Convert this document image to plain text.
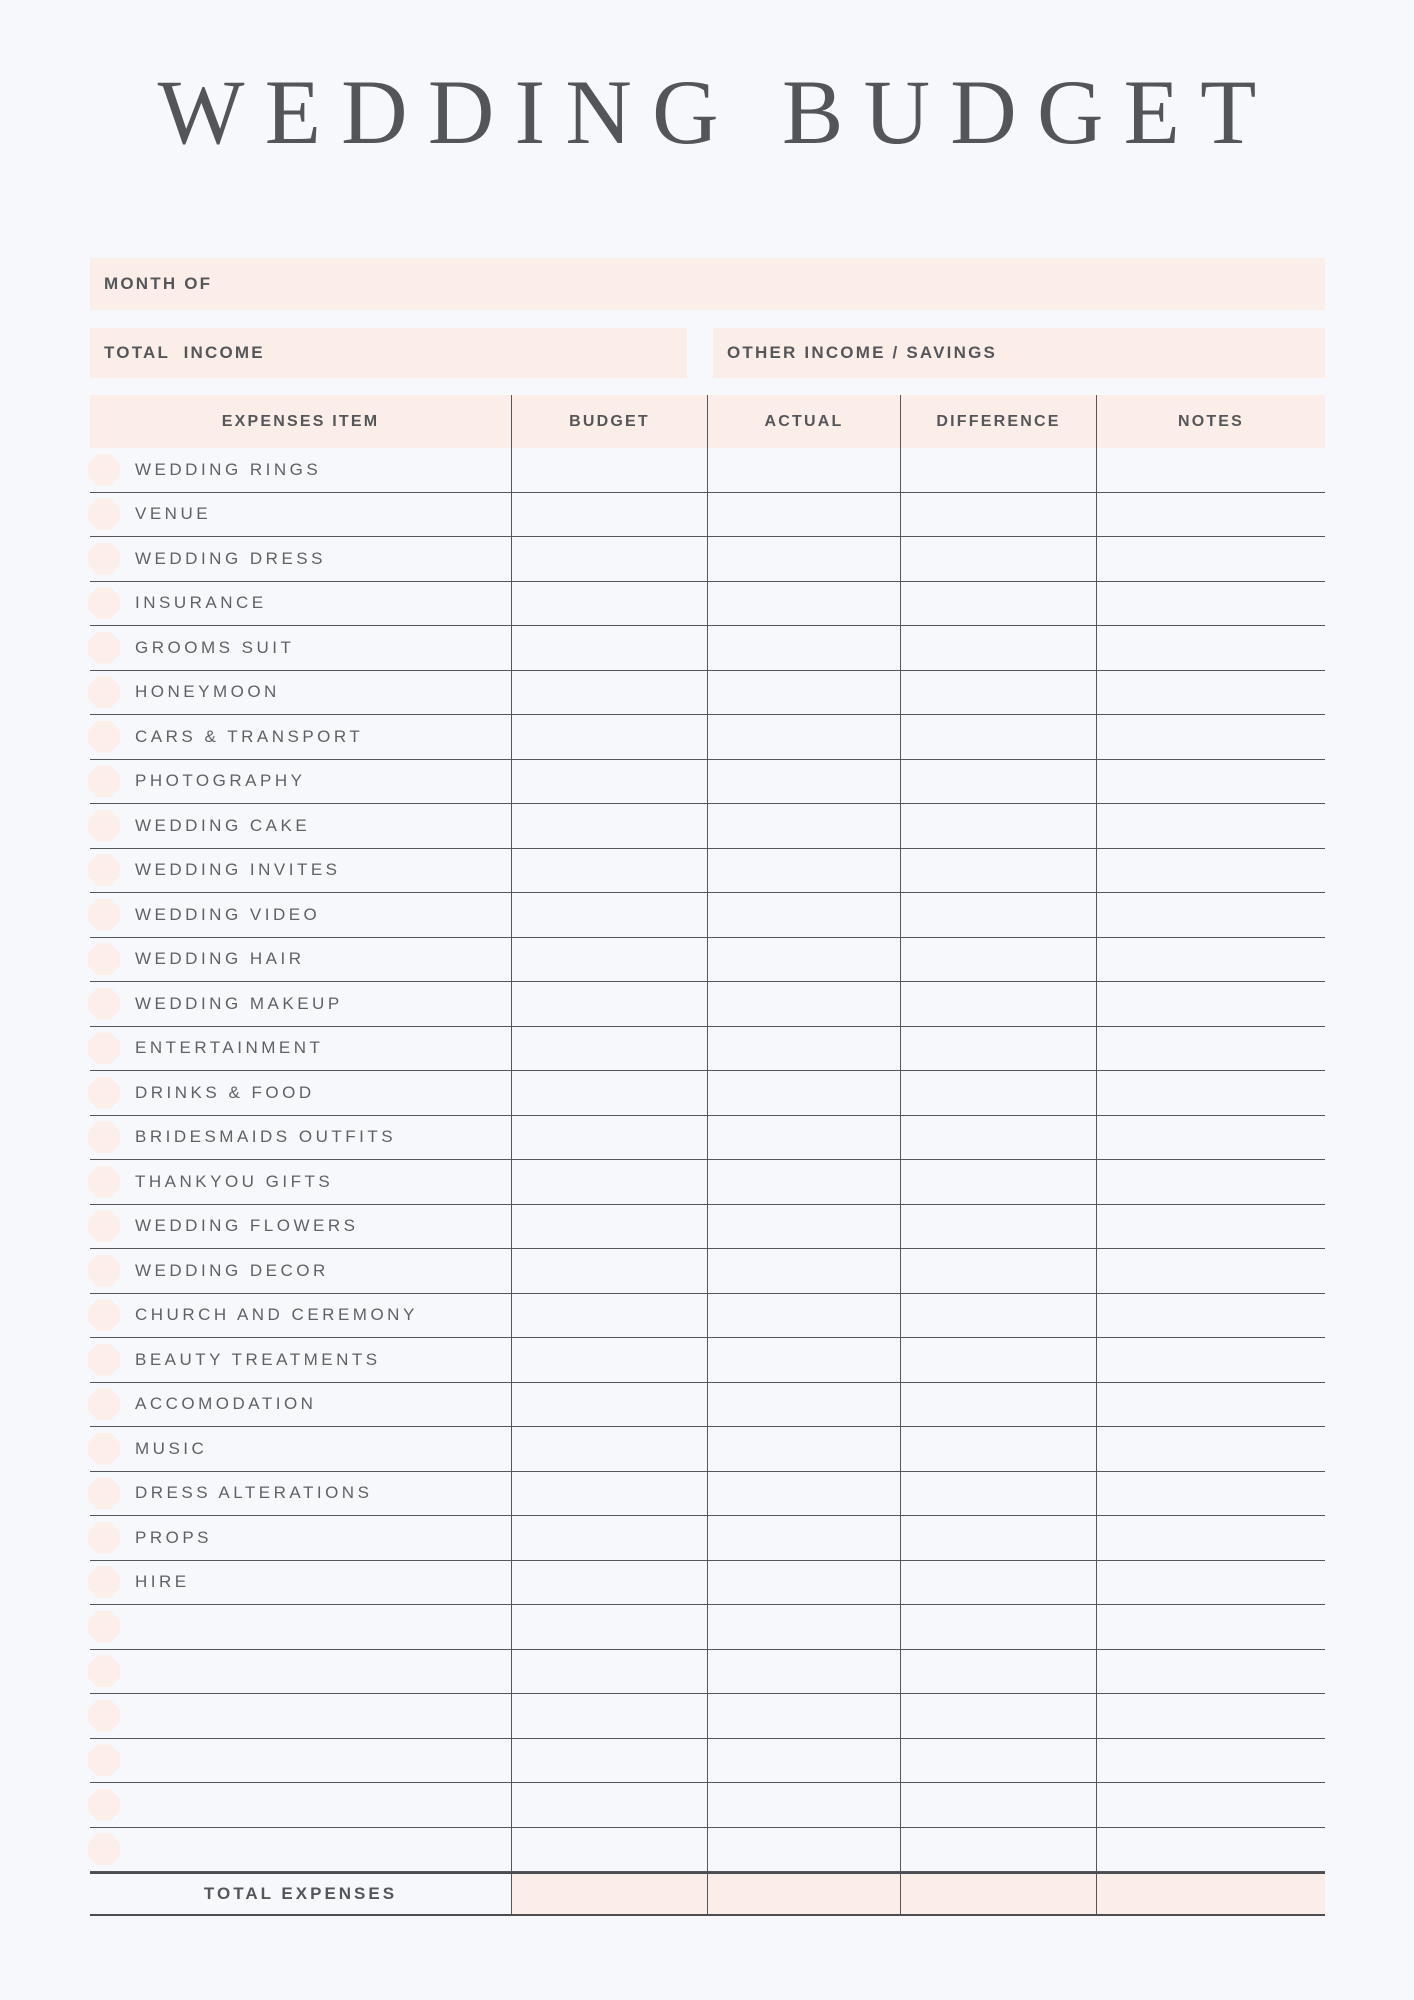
WEDDING BUDGET
MONTH OF
TOTAL  INCOME	OTHER INCOME / SAVINGS
EXPENSES ITEM	BUDGET	ACTUAL	DIFFERENCE	NOTES
WEDDING RINGS
VENUE
WEDDING DRESS
INSURANCE
GROOMS SUIT
HONEYMOON
CARS & TRANSPORT
PHOTOGRAPHY
WEDDING CAKE
WEDDING INVITES
WEDDING VIDEO
WEDDING HAIR
WEDDING MAKEUP
ENTERTAINMENT
DRINKS & FOOD
BRIDESMAIDS OUTFITS
THANKYOU GIFTS
WEDDING FLOWERS
WEDDING DECOR
CHURCH AND CEREMONY
BEAUTY TREATMENTS
ACCOMODATION
MUSIC
DRESS ALTERATIONS
PROPS
HIRE
TOTAL EXPENSES
